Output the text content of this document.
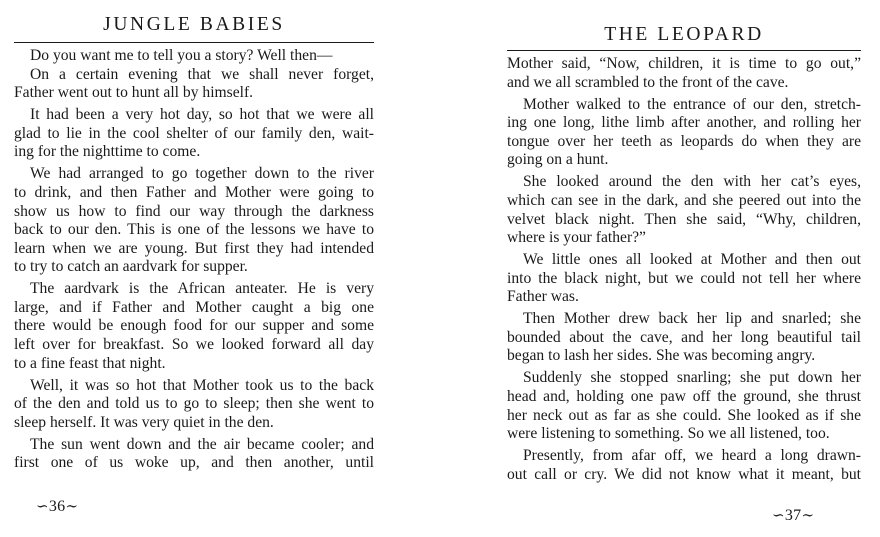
JUNGLE BABIES
Do you want me to tell you a story? Well then—
On a certain evening that we shall never forget,
Father went out to hunt all by himself.
It had been a very hot day, so hot that we were all
glad to lie in the cool shelter of our family den, wait-
ing for the nighttime to come.
We had arranged to go together down to the river
to drink, and then Father and Mother were going to
show us how to find our way through the darkness
back to our den. This is one of the lessons we have to
learn when we are young. But first they had intended
to try to catch an aardvark for supper.
The aardvark is the African anteater. He is very
large, and if Father and Mother caught a big one
there would be enough food for our supper and some
left over for breakfast. So we looked forward all day
to a fine feast that night.
Well, it was so hot that Mother took us to the back
of the den and told us to go to sleep; then she went to
sleep herself. It was very quiet in the den.
The sun went down and the air became cooler; and
first one of us woke up, and then another, until
∽36∼
THE LEOPARD
Mother said, “Now, children, it is time to go out,”
and we all scrambled to the front of the cave.
Mother walked to the entrance of our den, stretch-
ing one long, lithe limb after another, and rolling her
tongue over her teeth as leopards do when they are
going on a hunt.
She looked around the den with her cat’s eyes,
which can see in the dark, and she peered out into the
velvet black night. Then she said, “Why, children,
where is your father?”
We little ones all looked at Mother and then out
into the black night, but we could not tell her where
Father was.
Then Mother drew back her lip and snarled; she
bounded about the cave, and her long beautiful tail
began to lash her sides. She was becoming angry.
Suddenly she stopped snarling; she put down her
head and, holding one paw off the ground, she thrust
her neck out as far as she could. She looked as if she
were listening to something. So we all listened, too.
Presently, from afar off, we heard a long drawn-
out call or cry. We did not know what it meant, but
∽37∼
